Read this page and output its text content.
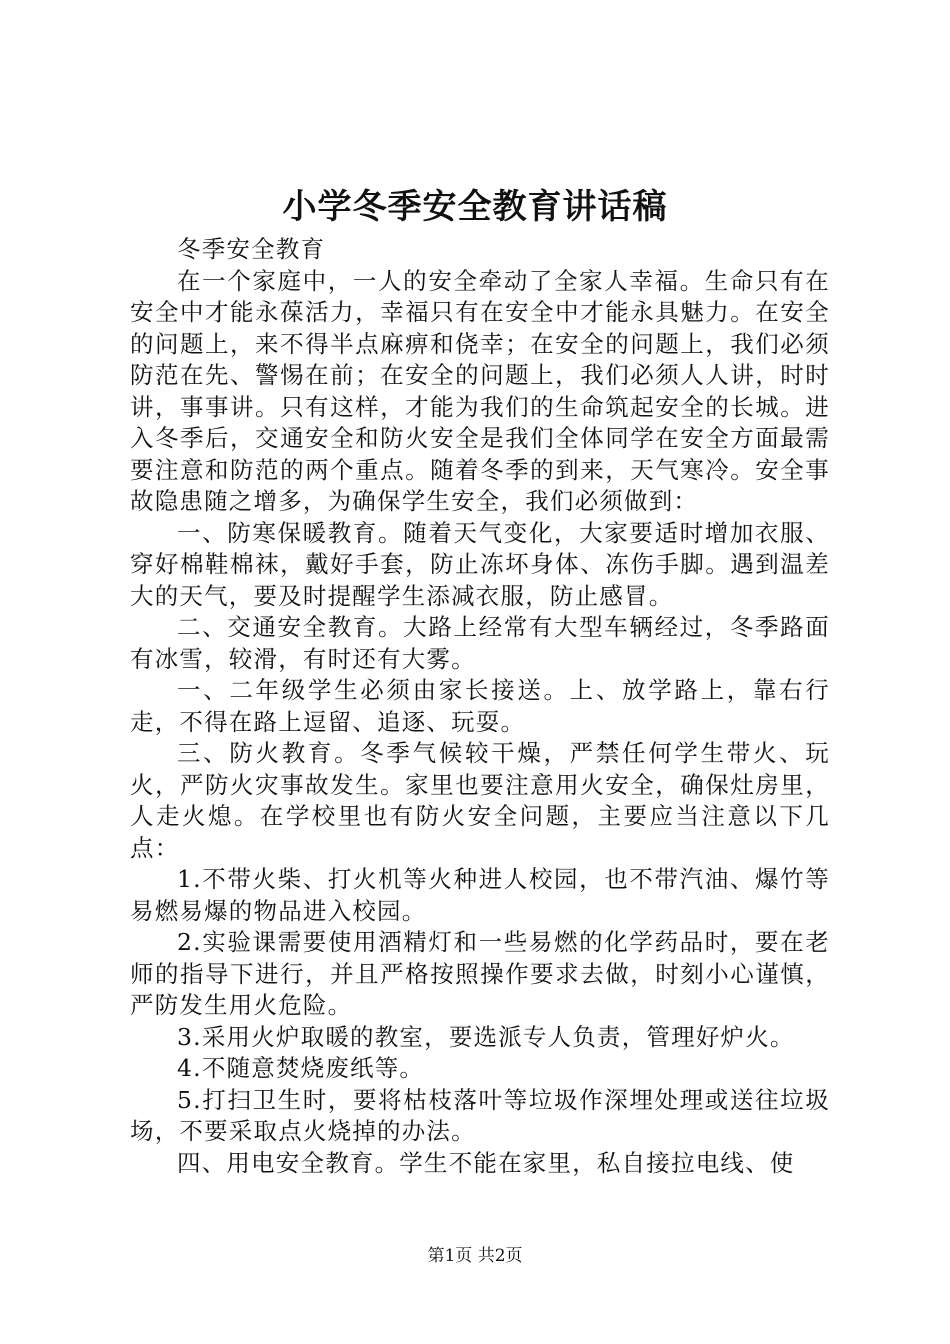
小学冬季安全教育讲话稿

冬季安全教育

在一个家庭中，一人的安全牵动了全家人幸福。生命只有在安全中才能永葆活力，幸福只有在安全中才能永具魅力。在安全的问题上，来不得半点麻痹和侥幸；在安全的问题上，我们必须防范在先、警惕在前；在安全的问题上，我们必须人人讲，时时讲，事事讲。只有这样，才能为我们的生命筑起安全的长城。进入冬季后，交通安全和防火安全是我们全体同学在安全方面最需要注意和防范的两个重点。随着冬季的到来，天气寒冷。安全事故隐患随之增多，为确保学生安全，我们必须做到：

一、防寒保暖教育。随着天气变化，大家要适时增加衣服、穿好棉鞋棉袜，戴好手套，防止冻坏身体、冻伤手脚。遇到温差大的天气，要及时提醒学生添减衣服，防止感冒。

二、交通安全教育。大路上经常有大型车辆经过，冬季路面有冰雪，较滑，有时还有大雾。

一、二年级学生必须由家长接送。上、放学路上，靠右行走，不得在路上逗留、追逐、玩耍。

三、防火教育。冬季气候较干燥，严禁任何学生带火、玩火，严防火灾事故发生。家里也要注意用火安全，确保灶房里，人走火熄。在学校里也有防火安全问题，主要应当注意以下几点：

1.不带火柴、打火机等火种进人校园，也不带汽油、爆竹等易燃易爆的物品进入校园。

2.实验课需要使用酒精灯和一些易燃的化学药品时，要在老师的指导下进行，并且严格按照操作要求去做，时刻小心谨慎，严防发生用火危险。

3.采用火炉取暖的教室，要选派专人负责，管理好炉火。

4.不随意焚烧废纸等。

5.打扫卫生时，要将枯枝落叶等垃圾作深埋处理或送往垃圾场，不要采取点火烧掉的办法。

四、用电安全教育。学生不能在家里，私自接拉电线、使

第1页 共2页
